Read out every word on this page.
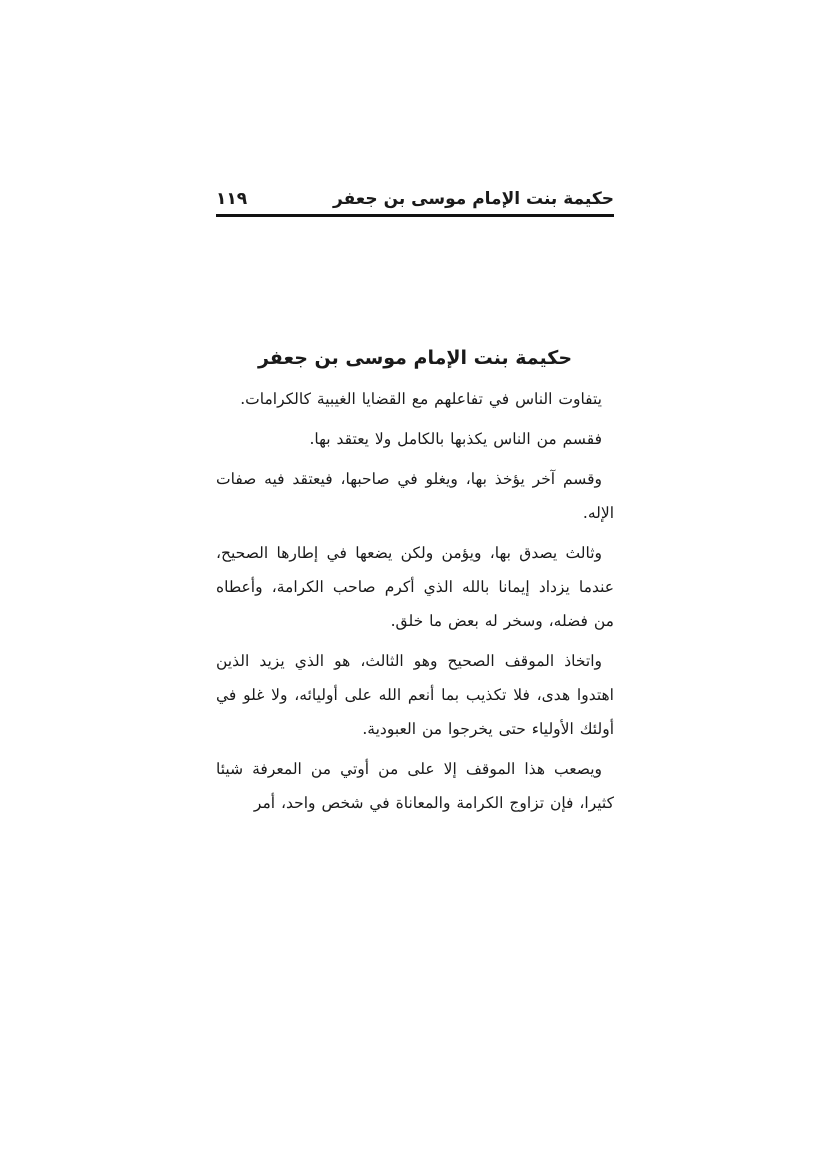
حكيمة بنت الإمام موسى بن جعفر
١١٩
حكيمة بنت الإمام موسى بن جعفر

يتفاوت الناس في تفاعلهم مع القضايا الغيبية كالكرامات.

فقسم من الناس يكذبها بالكامل ولا يعتقد بها.

وقسم آخر يؤخذ بها، ويغلو في صاحبها، فيعتقد فيه صفات الإله.

وثالث يصدق بها، ويؤمن ولكن يضعها في إطارها الصحيح، عندما يزداد إيمانا بالله الذي أكرم صاحب الكرامة، وأعطاه من فضله، وسخر له بعض ما خلق.

واتخاذ الموقف الصحيح وهو الثالث، هو الذي يزيد الذين اهتدوا هدى، فلا تكذيب بما أنعم الله على أوليائه، ولا غلو في أولئك الأولياء حتى يخرجوا من العبودية.

ويصعب هذا الموقف إلا على من أوتي من المعرفة شيئا كثيرا، فإن تزاوج الكرامة والمعاناة في شخص واحد، أمر
